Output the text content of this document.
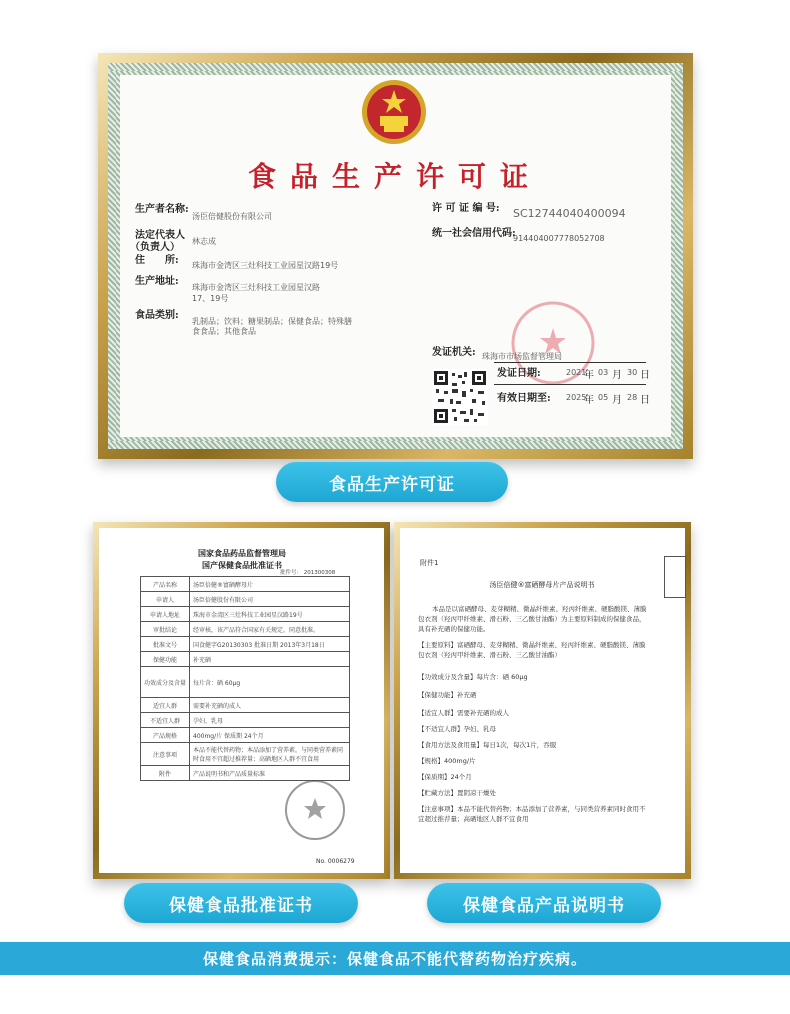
食品生产许可证
生产者名称:
汤臣倍健股份有限公司
法定代表人
（负责人）
林志成
住　　所: 珠海市金湾区三灶科技工业园星汉路19号
生产地址:
珠海市金湾区三灶科技工业园星汉路
17、19号
食品类别:
乳制品；饮料；糖果制品；保健食品；特殊膳
食食品；其他食品
许 可 证 编 号: SC12744040400094
统一社会信用代码:
914404007778052708
发证机关: 珠海市市场监督管理局
发证日期:	2021
年 03 月 30 日
有效日期至: 2025
年 05 月 28 日
食品生产许可证
国家食品药品监督管理局
国产保健食品批准证书
批件号： 201300308
产品名称	汤臣倍健®富硒酵母片
申请人	汤臣倍健股份有限公司
申请人地址	珠海市金湾区三灶科技工业园星汉路19号
审批结论	经审核，该产品符合国家有关规定，同意批准。
批准文号	国食健字G20130303 批准日期 2013年3月18日
保健功能	补充硒
功效成分及含量	每片含：硒 60μg
适宜人群	需要补充硒的成人
不适宜人群	孕妇、乳母
产品规格	400mg/片 保质期 24个月
注意事项	本品不能代替药物；本品添加了营养素，与同类营养素同时食用不宜超过推荐量；高硒地区人群不宜食用
附件	产品说明书和产品质量标准
No. 0006279
附件1
汤臣倍健®富硒酵母片产品说明书
本品是以富硒酵母、麦芽糊精、微晶纤维素、羟丙纤维素、硬脂酸镁、薄膜
包衣剂（羟丙甲纤维素、滑石粉、三乙酸甘油酯）为主要原料制成的保健食品，
具有补充硒的保健功能。
【主要原料】富硒酵母、麦芽糊精、微晶纤维素、羟丙纤维素、硬脂酸镁、薄膜
包衣剂（羟丙甲纤维素、滑石粉、三乙酸甘油酯）
【功效成分及含量】每片含：硒 60μg
【保健功能】补充硒
【适宜人群】需要补充硒的成人
【不适宜人群】孕妇、乳母
【食用方法及食用量】每日1次，每次1片，吞服
【规格】400mg/片
【保质期】24个月
【贮藏方法】置阴凉干燥处
【注意事项】本品不能代替药物；本品添加了营养素，与同类营养素同时食用不
宜超过推荐量；高硒地区人群不宜食用
保健食品批准证书	保健食品产品说明书
保健食品消费提示：保健食品不能代替药物治疗疾病。
